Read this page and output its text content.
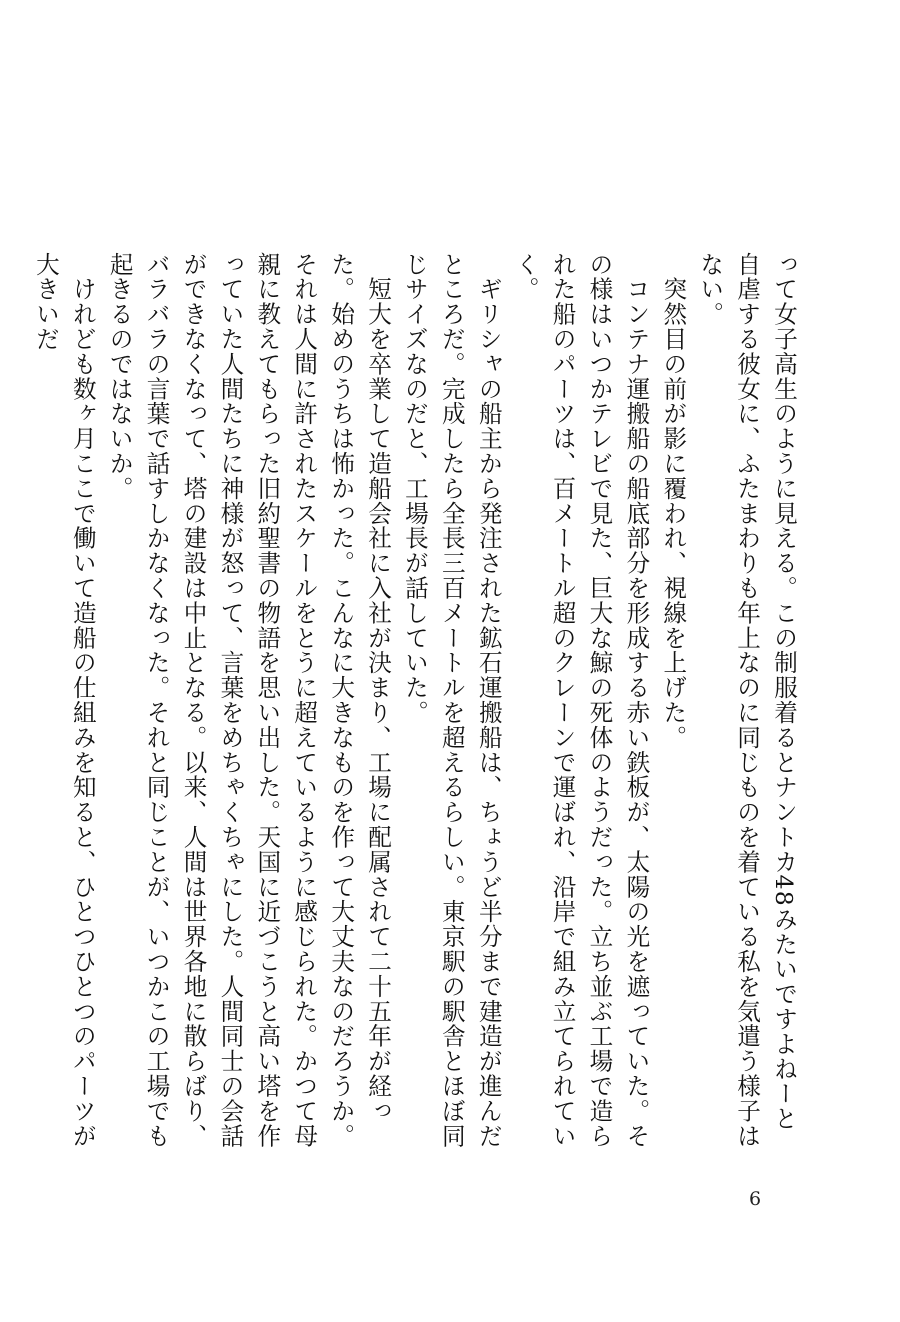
って女子高生のように見える。この制服着るとナントカ48みたいですよねーと自虐する彼女に、ふたまわりも年上なのに同じものを着ている私を気遣う様子はない。

　突然目の前が影に覆われ、視線を上げた。

　コンテナ運搬船の船底部分を形成する赤い鉄板が、太陽の光を遮っていた。その様はいつかテレビで見た、巨大な鯨の死体のようだった。立ち並ぶ工場で造られた船のパーツは、百メートル超のクレーンで運ばれ、沿岸で組み立てられていく。

　ギリシャの船主から発注された鉱石運搬船は、ちょうど半分まで建造が進んだところだ。完成したら全長三百メートルを超えるらしい。東京駅の駅舎とほぼ同じサイズなのだと、工場長が話していた。

　短大を卒業して造船会社に入社が決まり、工場に配属されて二十五年が経った。始めのうちは怖かった。こんなに大きなものを作って大丈夫なのだろうか。それは人間に許されたスケールをとうに超えているように感じられた。かつて母親に教えてもらった旧約聖書の物語を思い出した。天国に近づこうと高い塔を作っていた人間たちに神様が怒って、言葉をめちゃくちゃにした。人間同士の会話ができなくなって、塔の建設は中止となる。以来、人間は世界各地に散らばり、バラバラの言葉で話すしかなくなった。それと同じことが、いつかこの工場でも起きるのではないか。

　けれども数ヶ月ここで働いて造船の仕組みを知ると、ひとつひとつのパーツが大きいだ

6
